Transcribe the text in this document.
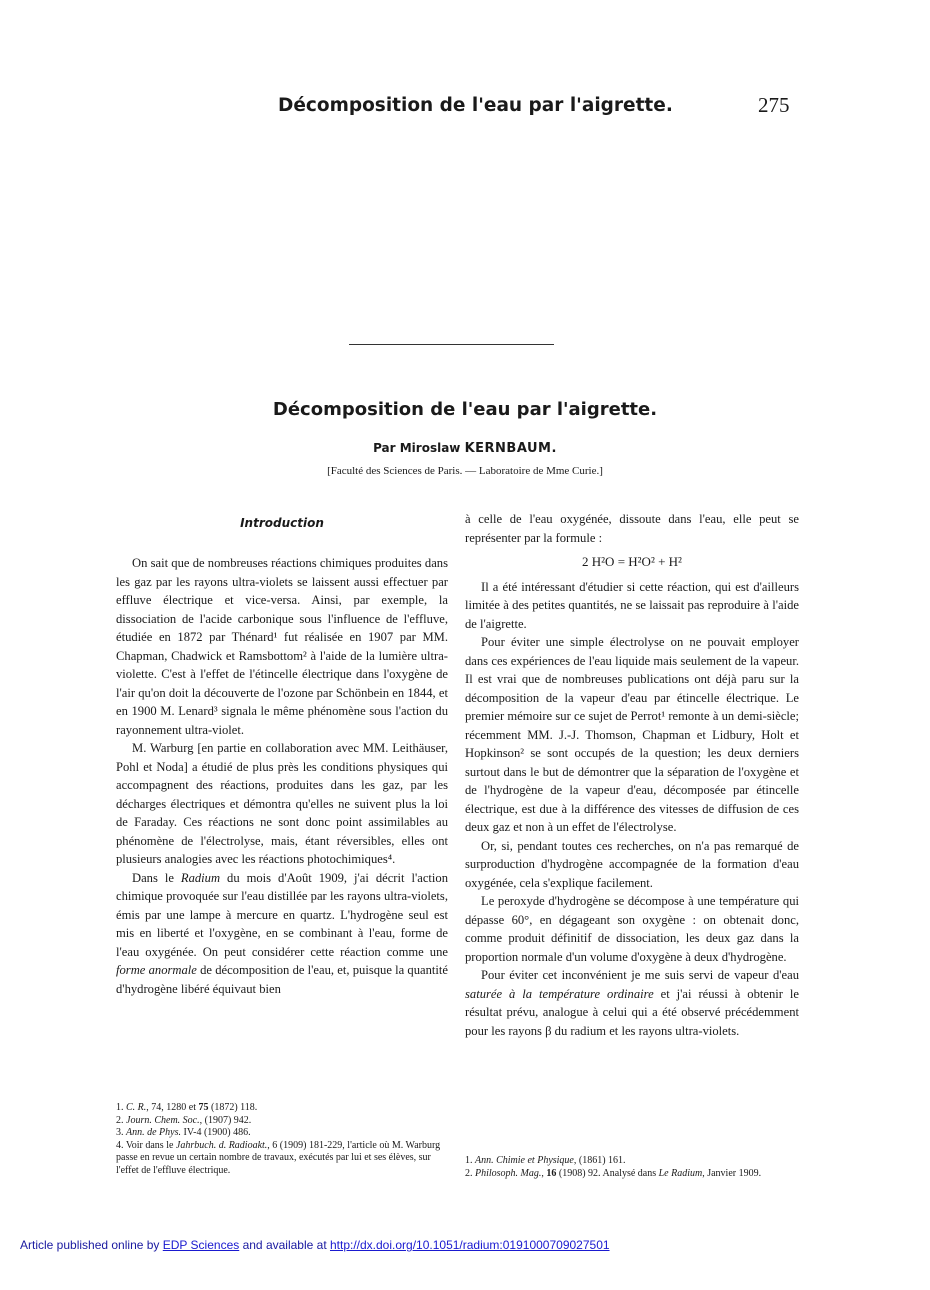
Décomposition de l'eau par l'aigrette.	275
Décomposition de l'eau par l'aigrette.
Par Miroslaw KERNBAUM.
[Faculté des Sciences de Paris. — Laboratoire de Mme Curie.]
Introduction

On sait que de nombreuses réactions chimiques produites dans les gaz par les rayons ultra-violets se laissent aussi effectuer par effluve électrique et vice-versa. Ainsi, par exemple, la dissociation de l'acide carbonique sous l'influence de l'effluve, étudiée en 1872 par Thénard¹ fut réalisée en 1907 par MM. Chapman, Chadwick et Ramsbottom² à l'aide de la lumière ultra-violette. C'est à l'effet de l'étincelle électrique dans l'oxygène de l'air qu'on doit la découverte de l'ozone par Schönbein en 1844, et en 1900 M. Lenard³ signala le même phénomène sous l'action du rayonnement ultra-violet.

M. Warburg [en partie en collaboration avec MM. Leithäuser, Pohl et Noda] a étudié de plus près les conditions physiques qui accompagnent des réactions, produites dans les gaz, par les décharges électriques et démontra qu'elles ne suivent plus la loi de Faraday. Ces réactions ne sont donc point assimilables au phénomène de l'électrolyse, mais, étant réversibles, elles ont plusieurs analogies avec les réactions photochimiques⁴.

Dans le Radium du mois d'Août 1909, j'ai décrit l'action chimique provoquée sur l'eau distillée par les rayons ultra-violets, émis par une lampe à mercure en quartz. L'hydrogène seul est mis en liberté et l'oxygène, en se combinant à l'eau, forme de l'eau oxygénée. On peut considérer cette réaction comme une forme anormale de décomposition de l'eau, et, puisque la quantité d'hydrogène libéré équivaut bien

1. C. R., 74, 1280 et 75 (1872) 118.

2. Journ. Chem. Soc., (1907) 942.

3. Ann. de Phys. IV-4 (1900) 486.

4. Voir dans le Jahrbuch. d. Radioakt., 6 (1909) 181-229, l'article où M. Warburg passe en revue un certain nombre de travaux, exécutés par lui et ses élèves, sur l'effet de l'effluve électrique.

à celle de l'eau oxygénée, dissoute dans l'eau, elle peut se représenter par la formule :

2 H²O = H²O² + H²

Il a été intéressant d'étudier si cette réaction, qui est d'ailleurs limitée à des petites quantités, ne se laissait pas reproduire à l'aide de l'aigrette.

Pour éviter une simple électrolyse on ne pouvait employer dans ces expériences de l'eau liquide mais seulement de la vapeur. Il est vrai que de nombreuses publications ont déjà paru sur la décomposition de la vapeur d'eau par étincelle électrique. Le premier mémoire sur ce sujet de Perrot¹ remonte à un demi-siècle; récemment MM. J.-J. Thomson, Chapman et Lidbury, Holt et Hopkinson² se sont occupés de la question; les deux derniers surtout dans le but de démontrer que la séparation de l'oxygène et de l'hydrogène de la vapeur d'eau, décomposée par étincelle électrique, est due à la différence des vitesses de diffusion de ces deux gaz et non à un effet de l'électrolyse.

Or, si, pendant toutes ces recherches, on n'a pas remarqué de surproduction d'hydrogène accompagnée de la formation d'eau oxygénée, cela s'explique facilement.

Le peroxyde d'hydrogène se décompose à une température qui dépasse 60°, en dégageant son oxygène : on obtenait donc, comme produit définitif de dissociation, les deux gaz dans la proportion normale d'un volume d'oxygène à deux d'hydrogène.

Pour éviter cet inconvénient je me suis servi de vapeur d'eau saturée à la température ordinaire et j'ai réussi à obtenir le résultat prévu, analogue à celui qui a été observé précédemment pour les rayons β du radium et les rayons ultra-violets.

1. Ann. Chimie et Physique, (1861) 161.

2. Philosoph. Mag., 16 (1908) 92. Analysé dans Le Radium, Janvier 1909.

Article published online by EDP Sciences and available at http://dx.doi.org/10.1051/radium:0191000709027501
